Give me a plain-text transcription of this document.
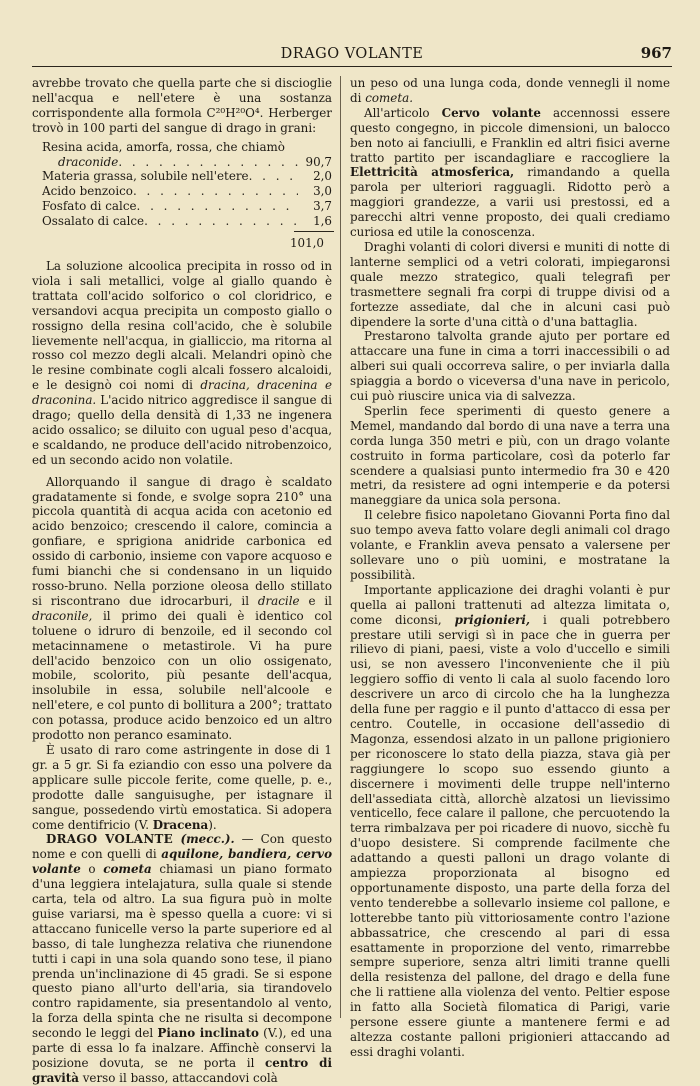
DRAGO VOLANTE	967

avrebbe trovato che quella parte che si discioglie nell'acqua e nell'etere è una sostanza corrispondente alla formola C²⁰H²⁰O⁴. Herberger trovò in 100 parti del sangue di drago in grani:

Resina acida, amorfa, rossa, che chiamò
draconide . . .	90,7
Materia grassa, solubile nell'etere . . .	2,0
Acido benzoico . . .	3,0
Fosfato di calce . . .	3,7
Ossalato di calce . . .	1,6
101,0

La soluzione alcoolica precipita in rosso od in viola i sali metallici, volge al giallo quando è trattata coll'acido solforico o col cloridrico, e versandovi acqua precipita un composto giallo o rossigno della resina coll'acido, che è solubile lievemente nell'acqua, in gialliccio, ma ritorna al rosso col mezzo degli alcali. Melandri opinò che le resine combinate cogli alcali fossero alcaloidi, e le designò coi nomi di dracina, dracenina e draconina. L'acido nitrico aggredisce il sangue di drago; quello della densità di 1,33 ne ingenera acido ossalico; se diluito con ugual peso d'acqua, e scaldando, ne produce dell'acido nitrobenzoico, ed un secondo acido non volatile.

Allorquando il sangue di drago è scaldato gradatamente si fonde, e svolge sopra 210° una piccola quantità di acqua acida con acetonio ed acido benzoico; crescendo il calore, comincia a gonfiare, e sprigiona anidride carbonica ed ossido di carbonio, insieme con vapore acquoso e fumi bianchi che si condensano in un liquido rosso-bruno. Nella porzione oleosa dello stillato si riscontrano due idrocarburi, il dracile e il draconile, il primo dei quali è identico col toluene o idruro di benzoile, ed il secondo col metacinnamene o metastirole. Vi ha pure dell'acido benzoico con un olio ossigenato, mobile, scolorito, più pesante dell'acqua, insolubile in essa, solubile nell'alcoole e nell'etere, e col punto di bollitura a 200°; trattato con potassa, produce acido benzoico ed un altro prodotto non peranco esaminato.

È usato di raro come astringente in dose di 1 gr. a 5 gr. Si fa eziandio con esso una polvere da applicare sulle piccole ferite, come quelle, p. e., prodotte dalle sanguisughe, per istagnare il sangue, possedendo virtù emostatica. Si adopera come dentifricio (V. Dracena).

DRAGO VOLANTE (mecc.). — Con questo nome e con quelli di aquilone, bandiera, cervo volante o cometa chiamasi un piano formato d'una leggiera intelajatura, sulla quale si stende carta, tela od altro. La sua figura può in molte guise variarsi, ma è spesso quella a cuore: vi si attaccano funicelle verso la parte superiore ed al basso, di tale lunghezza relativa che riunendone tutti i capi in una sola quando sono tese, il piano prenda un'inclinazione di 45 gradi. Se si espone questo piano all'urto dell'aria, sia tirandovelo contro rapidamente, sia presentandolo al vento, la forza della spinta che ne risulta si decompone secondo le leggi del Piano inclinato (V.), ed una parte di essa lo fa inalzare. Affinchè conservi la posizione dovuta, se ne porta il centro di gravità verso il basso, attaccandovi colà

un peso od una lunga coda, donde vennegli il nome di cometa.

All'articolo Cervo volante accennossi essere questo congegno, in piccole dimensioni, un balocco ben noto ai fanciulli, e Franklin ed altri fisici averne tratto partito per iscandagliare e raccogliere la Elettricità atmosferica, rimandando a quella parola per ulteriori ragguagli. Ridotto però a maggiori grandezze, a varii usi prestossi, ed a parecchi altri venne proposto, dei quali crediamo curiosa ed utile la conoscenza.

Draghi volanti di colori diversi e muniti di notte di lanterne semplici od a vetri colorati, impiegaronsi quale mezzo strategico, quali telegrafi per trasmettere segnali fra corpi di truppe divisi od a fortezze assediate, dal che in alcuni casi può dipendere la sorte d'una città o d'una battaglia.

Prestarono talvolta grande ajuto per portare ed attaccare una fune in cima a torri inaccessibili o ad alberi sui quali occorreva salire, o per inviarla dalla spiaggia a bordo o viceversa d'una nave in pericolo, cui può riuscire unica via di salvezza.

Sperlin fece sperimenti di questo genere a Memel, mandando dal bordo di una nave a terra una corda lunga 350 metri e più, con un drago volante costruito in forma particolare, così da poterlo far scendere a qualsiasi punto intermedio fra 30 e 420 metri, da resistere ad ogni intemperie e da potersi maneggiare da unica sola persona.

Il celebre fisico napoletano Giovanni Porta fino dal suo tempo aveva fatto volare degli animali col drago volante, e Franklin aveva pensato a valersene per sollevare uno o più uomini, e mostratane la possibilità.

Importante applicazione dei draghi volanti è pur quella ai palloni trattenuti ad altezza limitata o, come diconsi, prigionieri, i quali potrebbero prestare utili servigi sì in pace che in guerra per rilievo di piani, paesi, viste a volo d'uccello e simili usi, se non avessero l'inconveniente che il più leggiero soffio di vento li cala al suolo facendo loro descrivere un arco di circolo che ha la lunghezza della fune per raggio e il punto d'attacco di essa per centro. Coutelle, in occasione dell'assedio di Magonza, essendosi alzato in un pallone prigioniero per riconoscere lo stato della piazza, stava già per raggiungere lo scopo suo essendo giunto a discernere i movimenti delle truppe nell'interno dell'assediata città, allorchè alzatosi un lievissimo venticello, fece calare il pallone, che percuotendo la terra rimbalzava per poi ricadere di nuovo, sicchè fu d'uopo desistere. Si comprende facilmente che adattando a questi palloni un drago volante di ampiezza proporzionata al bisogno ed opportunamente disposto, una parte della forza del vento tenderebbe a sollevarlo insieme col pallone, e lotterebbe tanto più vittoriosamente contro l'azione abbassatrice, che crescendo al pari di essa esattamente in proporzione del vento, rimarrebbe sempre superiore, senza altri limiti tranne quelli della resistenza del pallone, del drago e della fune che li rattiene alla violenza del vento. Peltier espose in fatto alla Società filomatica di Parigi, varie persone essere giunte a mantenere fermi e ad altezza costante palloni prigionieri attaccando ad essi draghi volanti.
